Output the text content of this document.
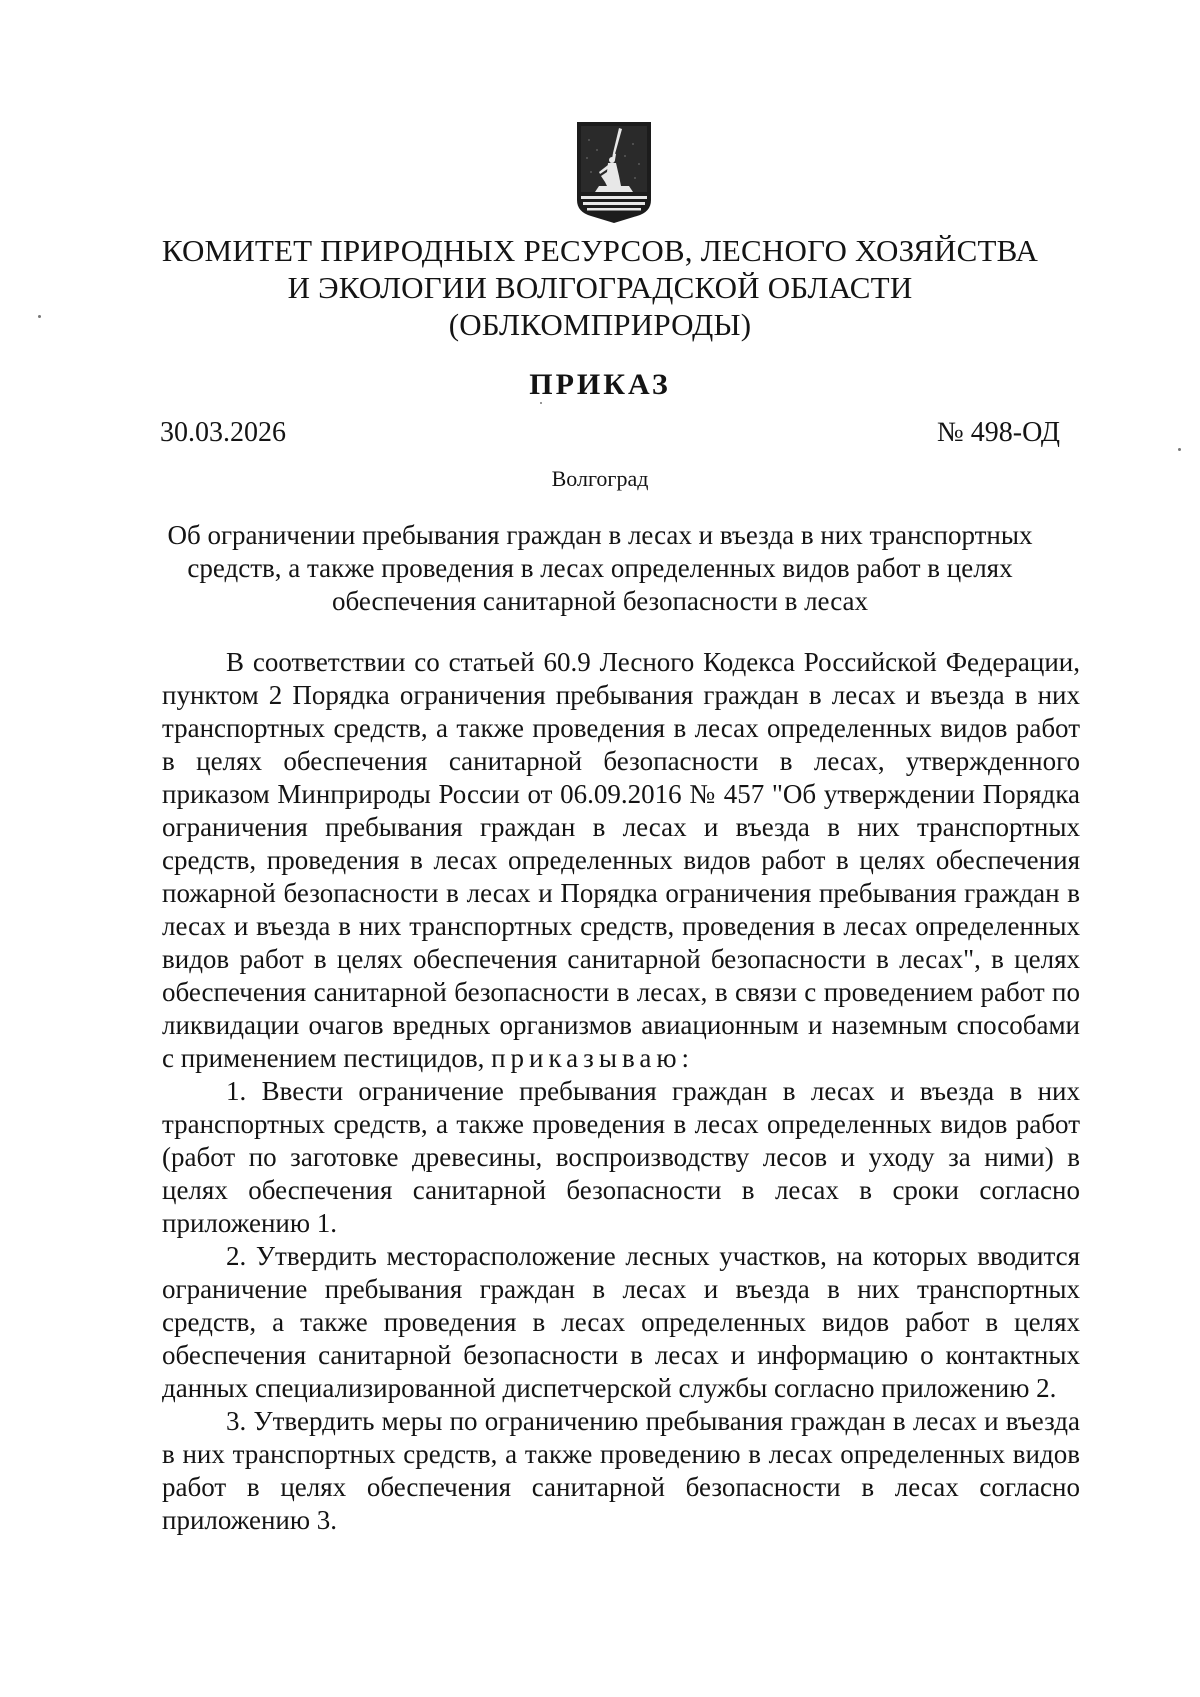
КОМИТЕТ ПРИРОДНЫХ РЕСУРСОВ, ЛЕСНОГО ХОЗЯЙСТВА
И ЭКОЛОГИИ ВОЛГОГРАДСКОЙ ОБЛАСТИ
(ОБЛКОМПРИРОДЫ)
ПРИКАЗ
30.03.2026	№ 498-ОД
Волгоград
Об ограничении пребывания граждан в лесах и въезда в них транспортных
средств, а также проведения в лесах определенных видов работ в целях
обеспечения санитарной безопасности в лесах

В соответствии со статьей 60.9 Лесного Кодекса Российской Федерации, пунктом 2 Порядка ограничения пребывания граждан в лесах и въезда в них транспортных средств, а также проведения в лесах определенных видов работ в целях обеспечения санитарной безопасности в лесах, утвержденного приказом Минприроды России от 06.09.2016 № 457 "Об утверждении Порядка ограничения пребывания граждан в лесах и въезда в них транспортных средств, проведения в лесах определенных видов работ в целях обеспечения пожарной безопасности в лесах и Порядка ограничения пребывания граждан в лесах и въезда в них транспортных средств, проведения в лесах определенных видов работ в целях обеспечения санитарной безопасности в лесах", в целях обеспечения санитарной безопасности в лесах, в связи с проведением работ по ликвидации очагов вредных организмов авиационным и наземным способами с применением пестицидов, приказываю:

1. Ввести ограничение пребывания граждан в лесах и въезда в них транспортных средств, а также проведения в лесах определенных видов работ (работ по заготовке древесины, воспроизводству лесов и уходу за ними) в целях обеспечения санитарной безопасности в лесах в сроки согласно приложению 1.

2. Утвердить месторасположение лесных участков, на которых вводится ограничение пребывания граждан в лесах и въезда в них транспортных средств, а также проведения в лесах определенных видов работ в целях обеспечения санитарной безопасности в лесах и информацию о контактных данных специализированной диспетчерской службы согласно приложению 2.

3. Утвердить меры по ограничению пребывания граждан в лесах и въезда в них транспортных средств, а также проведению в лесах определенных видов работ в целях обеспечения санитарной безопасности в лесах согласно приложению 3.
